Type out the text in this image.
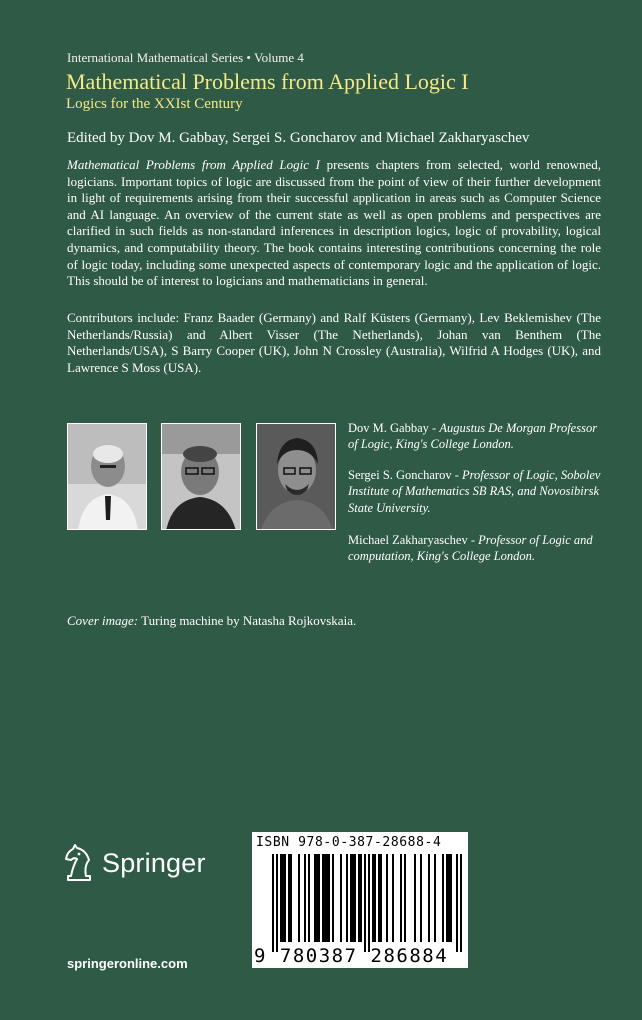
International Mathematical Series • Volume 4
Mathematical Problems from Applied Logic I
Logics for the XXIst Century
Edited by Dov M. Gabbay, Sergei S. Goncharov and Michael Zakharyaschev
Mathematical Problems from Applied Logic I presents chapters from selected, world renowned, logicians. Important topics of logic are discussed from the point of view of their further development in light of requirements arising from their successful application in areas such as Computer Science and AI language. An overview of the current state as well as open problems and perspectives are clarified in such fields as non-standard inferences in description logics, logic of provability, logical dynamics, and computability theory. The book contains interesting contributions concerning the role of logic today, including some unexpected aspects of contemporary logic and the application of logic. This should be of interest to logicians and mathematicians in general.
Contributors include: Franz Baader (Germany) and Ralf Küsters (Germany), Lev Beklemishev (The Netherlands/Russia) and Albert Visser (The Netherlands), Johan van Benthem (The Netherlands/USA), S Barry Cooper (UK), John N Crossley (Australia), Wilfrid A Hodges (UK), and Lawrence S Moss (USA).
Dov M. Gabbay - Augustus De Morgan Professor of Logic, King's College London.
Sergei S. Goncharov - Professor of Logic, Sobolev Institute of Mathematics SB RAS, and Novosibirsk State University.
Michael Zakharyaschev - Professor of Logic and computation, King's College London.
Cover image: Turing machine by Natasha Rojkovskaia.
Springer
springeronline.com
ISBN 978-0-387-28688-4
9 780387 286884
